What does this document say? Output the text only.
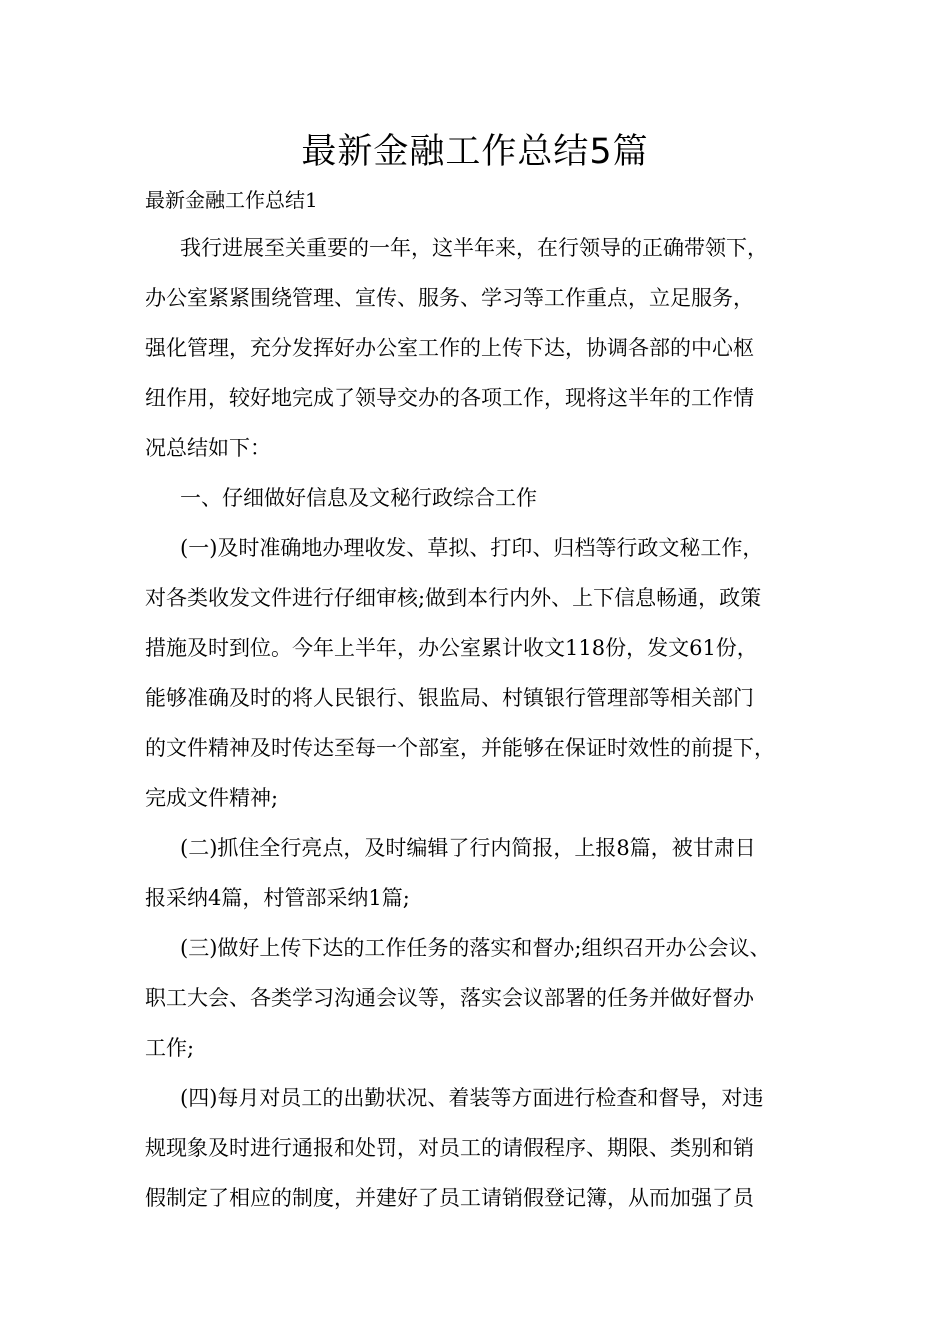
最新金融工作总结5篇
最新金融工作总结1
我行进展至关重要的一年，这半年来，在行领导的正确带领下，
办公室紧紧围绕管理、宣传、服务、学习等工作重点，立足服务，
强化管理，充分发挥好办公室工作的上传下达，协调各部的中心枢
纽作用，较好地完成了领导交办的各项工作，现将这半年的工作情
况总结如下：
一、仔细做好信息及文秘行政综合工作
(一)及时准确地办理收发、草拟、打印、归档等行政文秘工作，
对各类收发文件进行仔细审核;做到本行内外、上下信息畅通，政策
措施及时到位。今年上半年，办公室累计收文118份，发文61份，
能够准确及时的将人民银行、银监局、村镇银行管理部等相关部门
的文件精神及时传达至每一个部室，并能够在保证时效性的前提下，
完成文件精神;
(二)抓住全行亮点，及时编辑了行内简报，上报8篇，被甘肃日
报采纳4篇，村管部采纳1篇;
(三)做好上传下达的工作任务的落实和督办;组织召开办公会议、
职工大会、各类学习沟通会议等，落实会议部署的任务并做好督办
工作;
(四)每月对员工的出勤状况、着装等方面进行检查和督导，对违
规现象及时进行通报和处罚，对员工的请假程序、期限、类别和销
假制定了相应的制度，并建好了员工请销假登记簿，从而加强了员
